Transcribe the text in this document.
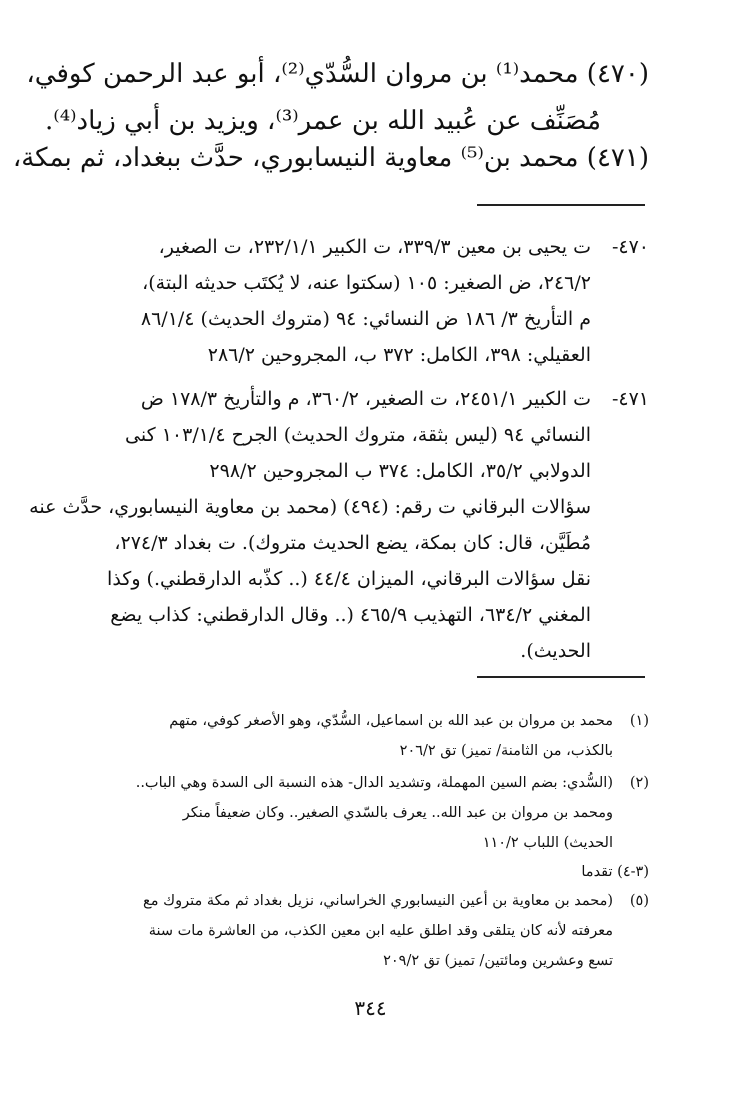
(٤٧٠) محمد⁽¹⁾ بن مروان السُّدّي⁽²⁾، أبو عبد الرحمن كوفي،
مُصَنِّف عن عُبيد الله بن عمر⁽³⁾، ويزيد بن أبي زياد⁽⁴⁾.
(٤٧١) محمد بن⁽⁵⁾ معاوية النيسابوري، حدَّث ببغداد، ثم بمكة،
٤٧٠-
ت يحيى بن معين ٣٣٩/٣، ت الكبير ٢٣٢/١/١، ت الصغير،
٢٤٦/٢، ض الصغير: ١٠٥ (سكتوا عنه، لا يُكتَب حديثه البتة)،
م التأريخ ٣/ ١٨٦ ض النسائي: ٩٤ (متروك الحديث) ٨٦/١/٤
العقيلي: ٣٩٨، الكامل: ٣٧٢ ب، المجروحين ٢٨٦/٢
٤٧١-
ت الكبير ٢٤٥١/١، ت الصغير، ٣٦٠/٢، م والتأريخ ١٧٨/٣ ض
النسائي ٩٤ (ليس بثقة، متروك الحديث) الجرح ١٠٣/١/٤ كنى
الدولابي ٣٥/٢، الكامل: ٣٧٤ ب المجروحين ٢٩٨/٢
سؤالات البرقاني ت رقم: (٤٩٤) (محمد بن معاوية النيسابوري، حدَّث عنه
مُطَيَّن، قال: كان بمكة، يضع الحديث متروك). ت بغداد ٢٧٤/٣،
نقل سؤالات البرقاني، الميزان ٤٤/٤ (.. كذّبه الدارقطني.) وكذا
المغني ٦٣٤/٢، التهذيب ٤٦٥/٩ (.. وقال الدارقطني: كذاب يضع
الحديث).
(١)
محمد بن مروان بن عبد الله بن اسماعيل، السُّدّي، وهو الأصغر كوفي، متهم
بالكذب، من الثامنة/ تميز) تق ٢٠٦/٢
(٢)
(السُّدي: بضم السين المهملة، وتشديد الدال- هذه النسبة الى السدة وهي الباب..
ومحمد بن مروان بن عبد الله.. يعرف بالسّدي الصغير.. وكان ضعيفاً منكر
الحديث) اللباب ١١٠/٢
(٣-٤) تقدما
(٥)
(محمد بن معاوية بن أعين النيسابوري الخراساني، نزيل بغداد ثم مكة متروك مع
معرفته لأنه كان يتلقى وقد اطلق عليه ابن معين الكذب، من العاشرة مات سنة
تسع وعشرين ومائتين/ تميز) تق ٢٠٩/٢
٣٤٤
